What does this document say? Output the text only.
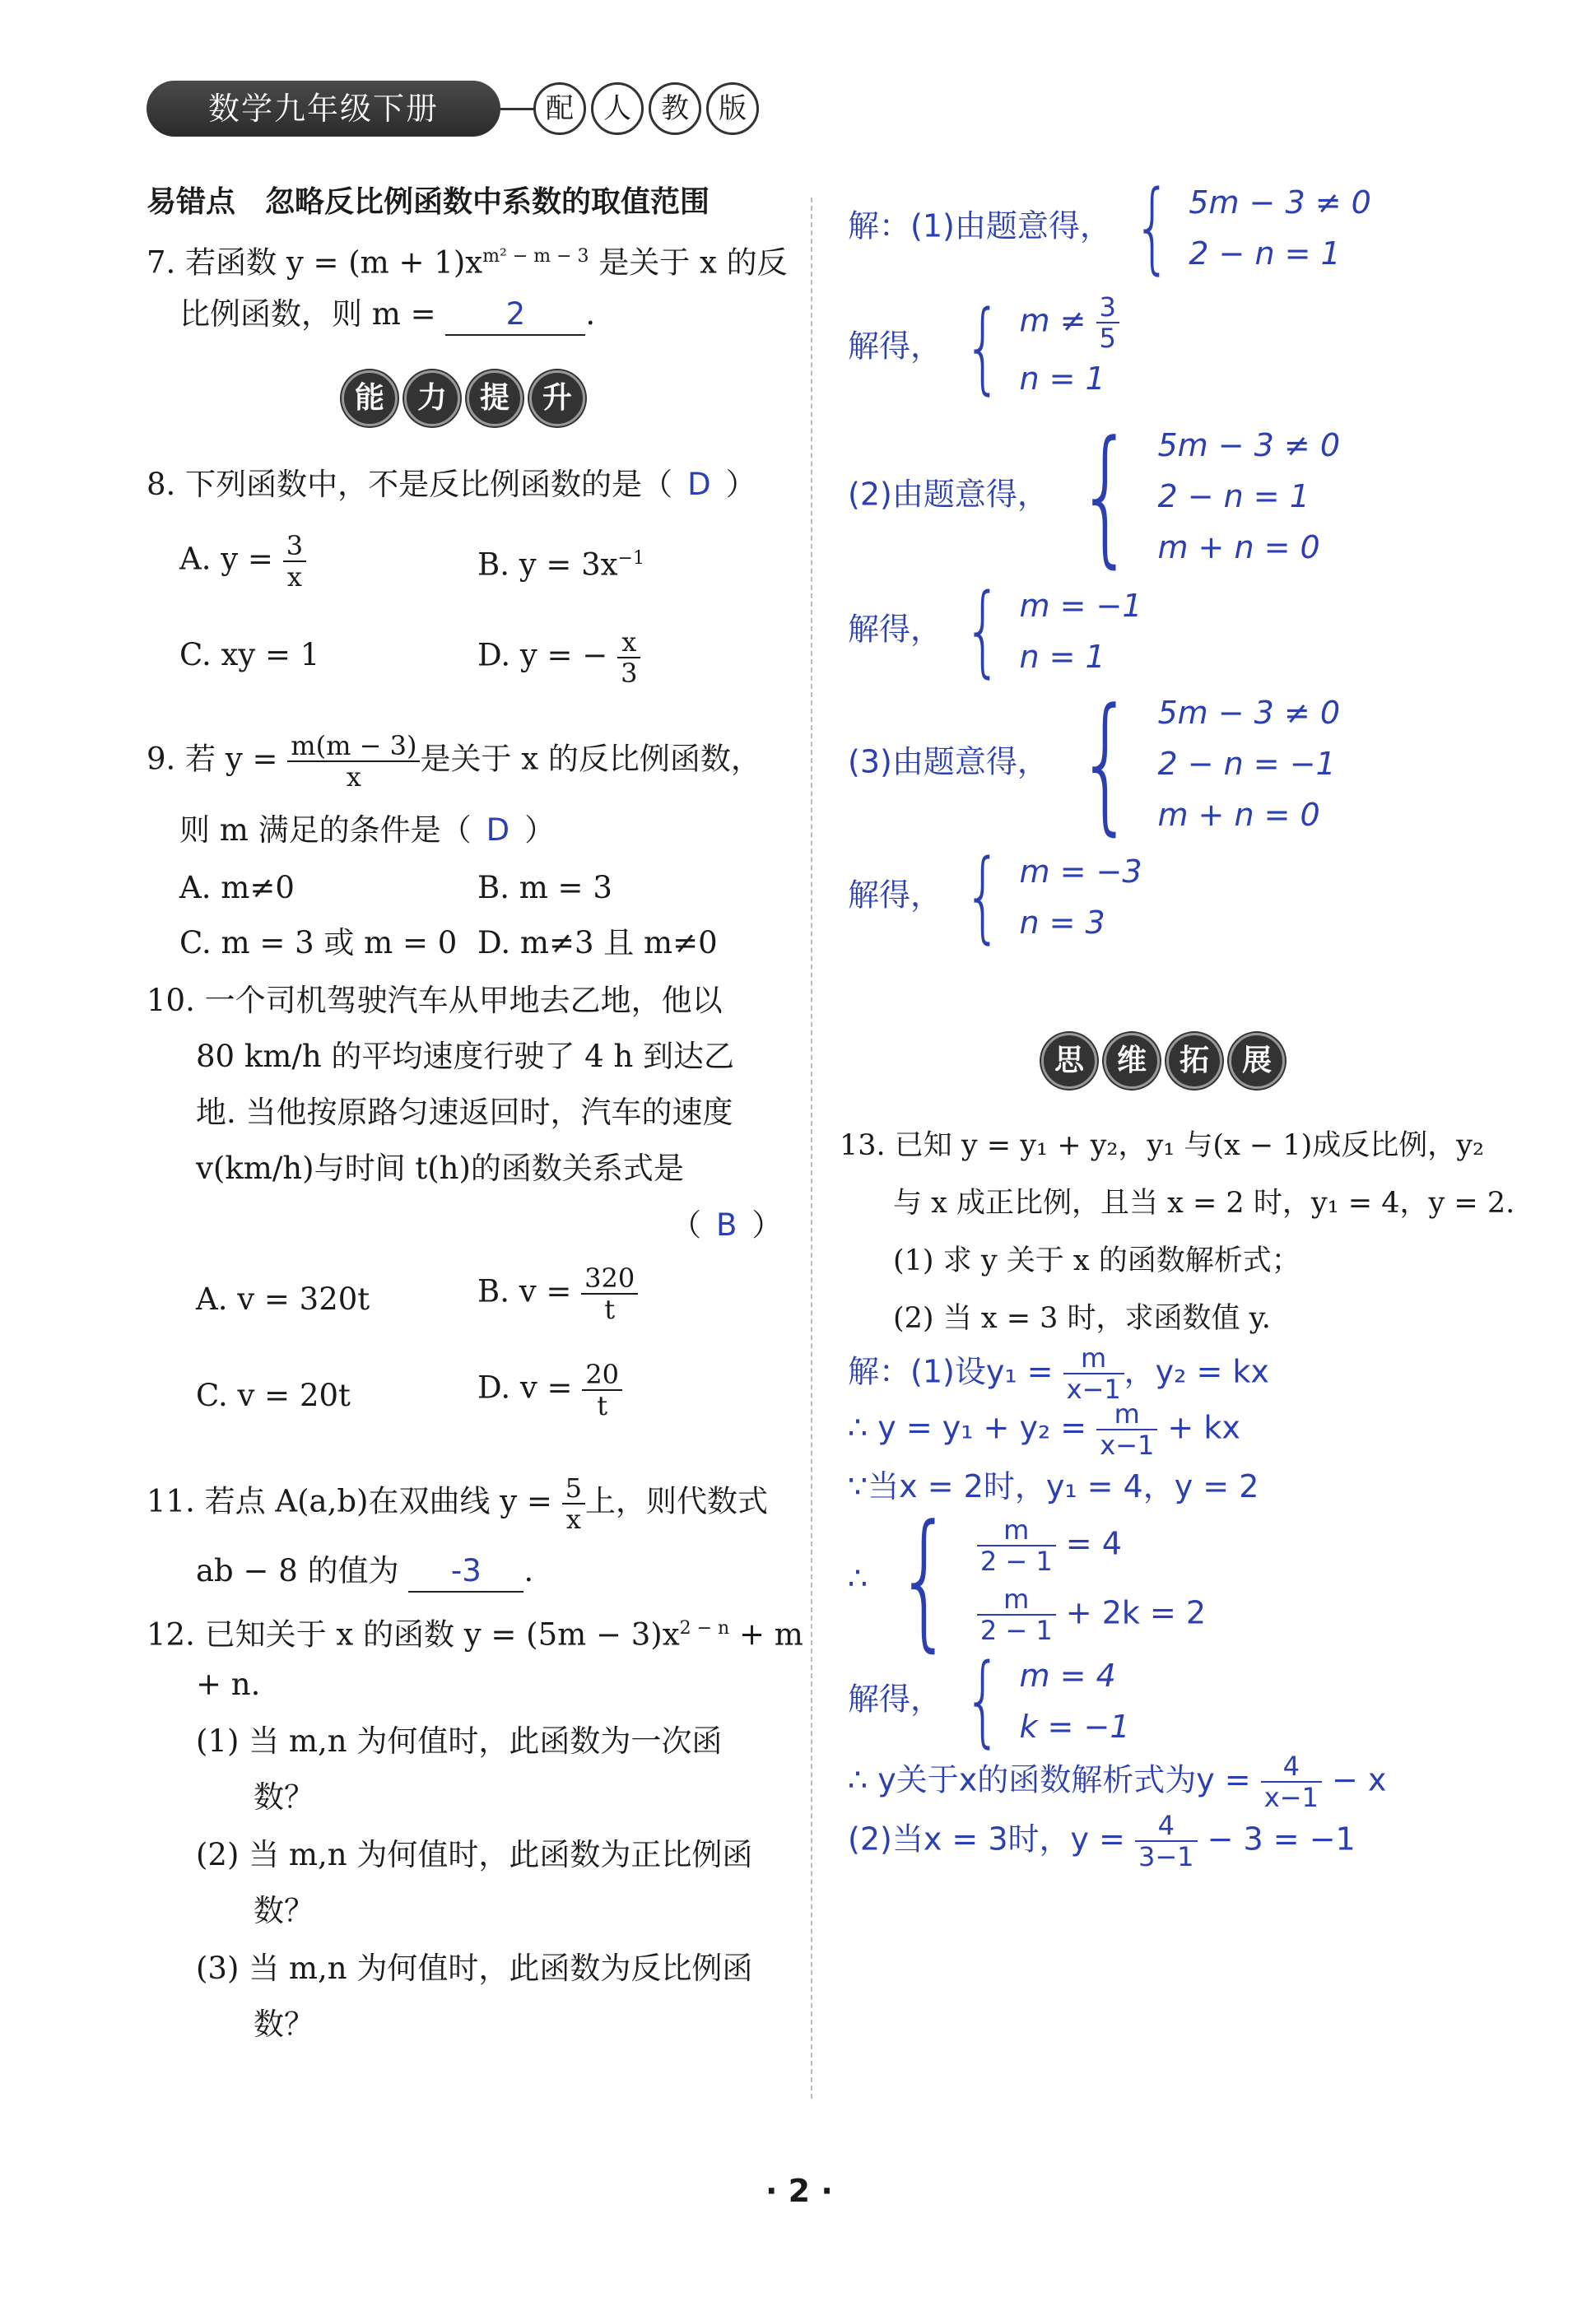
数学九年级下册	配	人	教	版
易错点　忽略反比例函数中系数的取值范围
7. 若函数 $y = (m + 1)x^{m^2 - m - 3}$ 是关于 x 的反
比例函数，则 m = 2 .
能	力	提	升
8. 下列函数中，不是反比例函数的是（ D ）
A. $y = \frac{3}{x}$	B. $y = 3x^{-1}$
C. xy = 1	D. y = − $\frac{x}{3}$
9. 若 $y = \frac{m(m - 3)}{x}$ 是关于 x 的反比例函数，
则 m 满足的条件是（ D ）
A. m≠0	B. m = 3
C. m = 3 或 m = 0 D. m≠3 且 m≠0
10. 一个司机驾驶汽车从甲地去乙地，他以
80 km/h 的平均速度行驶了 4 h 到达乙
地. 当他按原路匀速返回时，汽车的速度
v(km/h)与时间 t(h)的函数关系式是
（ B ）
A. v = 320t	B. $v = \frac{320}{t}$
C. v = 20t	D. $v = \frac{20}{t}$
11. 若点 A(a,b)在双曲线 $y = \frac{5}{x}$ 上，则代数式
ab − 8 的值为 -3 .
12. 已知关于 x 的函数 $y = (5m - 3)x^{2 - n} + m$
+ n.
(1) 当 m,n 为何值时，此函数为一次函
数？
(2) 当 m,n 为何值时，此函数为正比例函
数？
(3) 当 m,n 为何值时，此函数为反比例函
数？
解：(1)由题意得， { 5m − 3 ≠ 0
2 − n = 1
解得， { $m \ne \frac{3}{5}$
n = 1
(2)由题意得， { 5m − 3 ≠ 0
2 − n = 1
m + n = 0
解得， { m = −1
n = 1
(3)由题意得， { 5m − 3 ≠ 0
2 − n = −1
m + n = 0
解得， { m = −3
n = 3
思	维	拓	展
13. 已知 y = y₁ + y₂，y₁ 与(x − 1)成反比例，y₂
与 x 成正比例，且当 x = 2 时，y₁ = 4，y = 2.
(1) 求 y 关于 x 的函数解析式；
(2) 当 x = 3 时，求函数值 y.
解：(1)设$y_1 = \frac{m}{x-1}$ ，y₂ = kx
∴ $y = y_1 + y_2 = \frac{m}{x-1}$ + kx
∵当x = 2时，y₁ = 4，y = 2
∴ { $\frac{m}{2 - 1} = 4$
$\frac{m}{2 - 1} + 2k = 2$
解得， { m = 4
k = −1
∴ y关于x的函数解析式为$y = \frac{4}{x-1} - x$
(2)当x = 3时，$y = \frac{4}{3-1} - 3 = -1$
· 2 ·
